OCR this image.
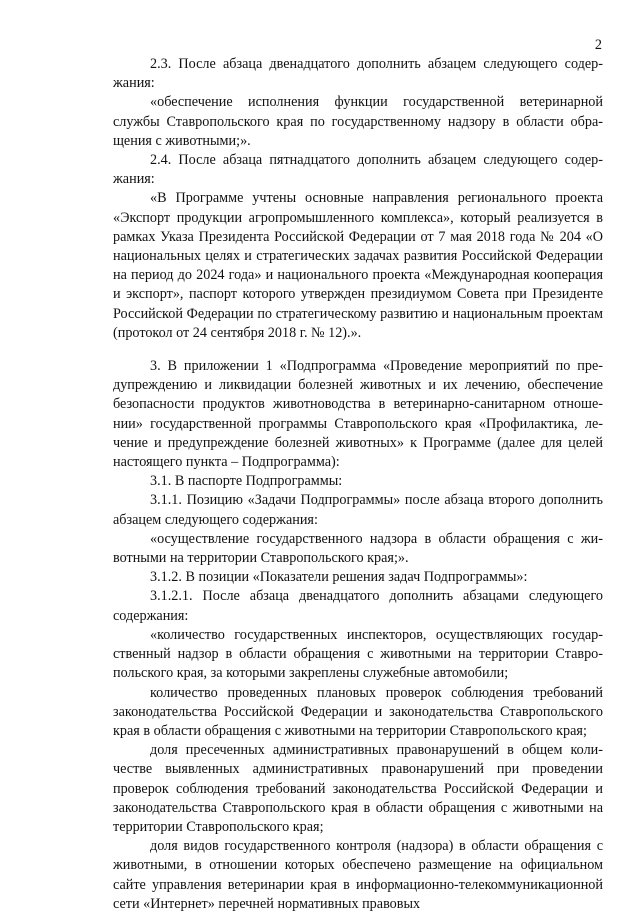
2

2.3. После абзаца двенадцатого дополнить абзацем следующего содержания:

«обеспечение исполнения функции государственной ветеринарной службы Ставропольского края по государственному надзору в области обращения с животными;».

2.4. После абзаца пятнадцатого дополнить абзацем следующего содержания:

«В Программе учтены основные направления регионального проекта «Экспорт продукции агропромышленного комплекса», который реализуется в рамках Указа Президента Российской Федерации от 7 мая 2018 года № 204 «О национальных целях и стратегических задачах развития Российской Федерации на период до 2024 года» и национального проекта «Международная кооперация и экспорт», паспорт которого утвержден президиумом Совета при Президенте Российской Федерации по стратегическому развитию и национальным проектам (протокол от 24 сентября 2018 г. № 12).».

3. В приложении 1 «Подпрограмма «Проведение мероприятий по предупреждению и ликвидации болезней животных и их лечению, обеспечение безопасности продуктов животноводства в ветеринарно-санитарном отношении» государственной программы Ставропольского края «Профилактика, лечение и предупреждение болезней животных» к Программе (далее для целей настоящего пункта – Подпрограмма):

3.1. В паспорте Подпрограммы:

3.1.1. Позицию «Задачи Подпрограммы» после абзаца второго дополнить абзацем следующего содержания:

«осуществление государственного надзора в области обращения с животными на территории Ставропольского края;».

3.1.2. В позиции «Показатели решения задач Подпрограммы»:

3.1.2.1. После абзаца двенадцатого дополнить абзацами следующего содержания:

«количество государственных инспекторов, осуществляющих государственный надзор в области обращения с животными на территории Ставропольского края, за которыми закреплены служебные автомобили;

количество проведенных плановых проверок соблюдения требований законодательства Российской Федерации и законодательства Ставропольского края в области обращения с животными на территории Ставропольского края;

доля пресеченных административных правонарушений в общем количестве выявленных административных правонарушений при проведении проверок соблюдения требований законодательства Российской Федерации и законодательства Ставропольского края в области обращения с животными на территории Ставропольского края;

доля видов государственного контроля (надзора) в области обращения с животными, в отношении которых обеспечено размещение на официальном сайте управления ветеринарии края в информационно-телекоммуникационной сети «Интернет» перечней нормативных правовых
